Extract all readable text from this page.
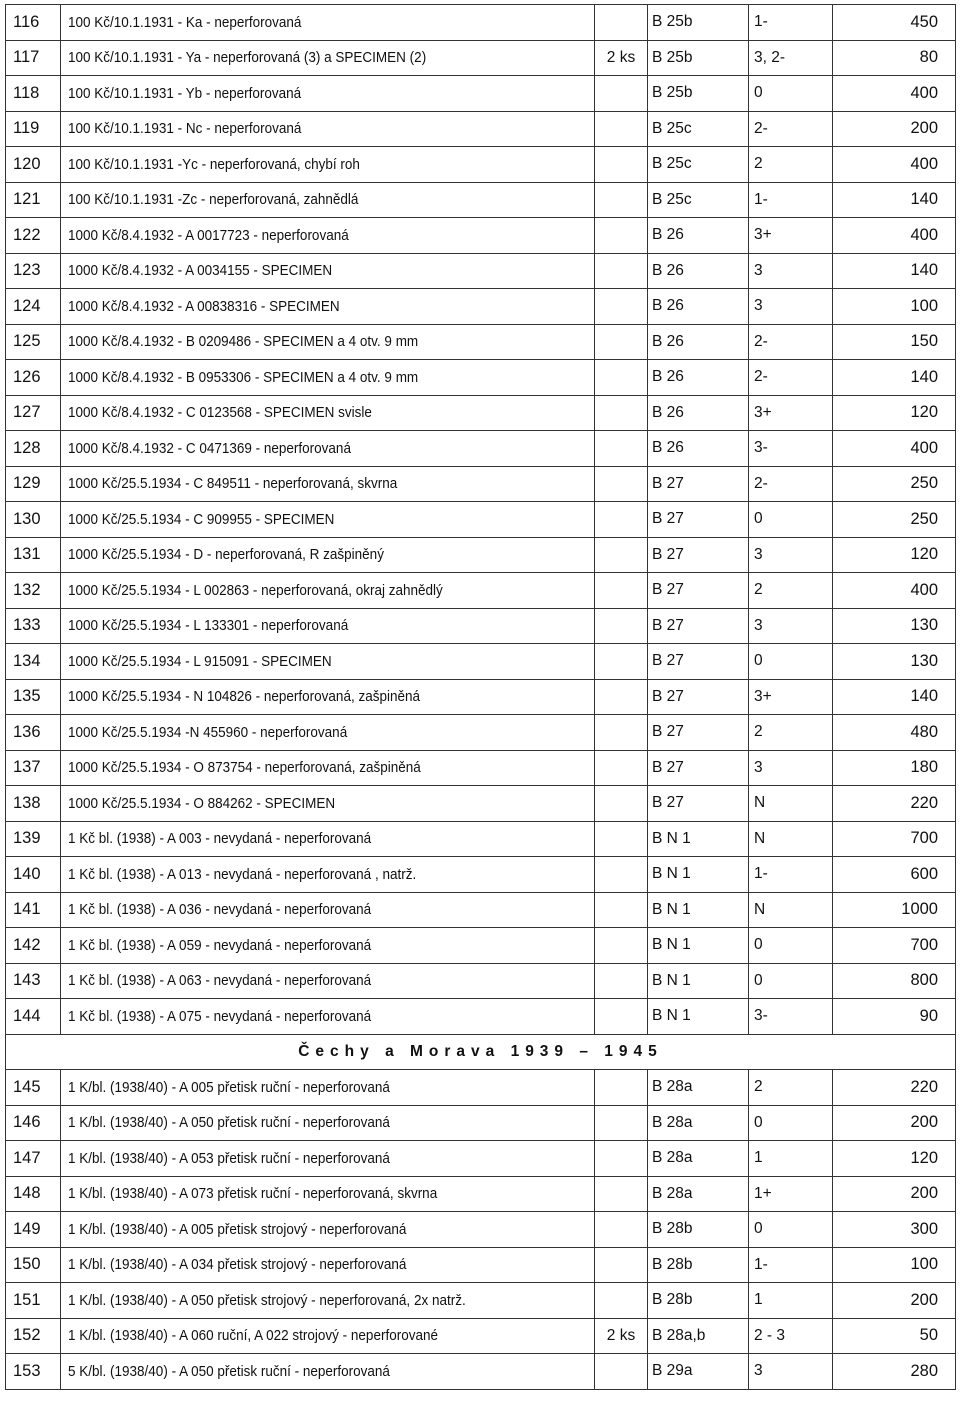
116	100 Kč/10.1.1931 - Ka - neperforovaná		B 25b	1-	450
117	100 Kč/10.1.1931 - Ya - neperforovaná (3) a SPECIMEN (2)	2 ks	B 25b	3, 2-	80
118	100 Kč/10.1.1931 - Yb - neperforovaná		B 25b	0	400
119	100 Kč/10.1.1931 - Nc - neperforovaná		B 25c	2-	200
120	100 Kč/10.1.1931 -Yc - neperforovaná, chybí roh		B 25c	2	400
121	100 Kč/10.1.1931 -Zc - neperforovaná, zahnědlá		B 25c	1-	140
122	1000 Kč/8.4.1932 - A 0017723 - neperforovaná		B 26	3+	400
123	1000 Kč/8.4.1932 - A 0034155 - SPECIMEN		B 26	3	140
124	1000 Kč/8.4.1932 - A 00838316 - SPECIMEN		B 26	3	100
125	1000 Kč/8.4.1932 - B 0209486 - SPECIMEN a 4 otv. 9 mm		B 26	2-	150
126	1000 Kč/8.4.1932 - B 0953306 - SPECIMEN a 4 otv. 9 mm		B 26	2-	140
127	1000 Kč/8.4.1932 - C 0123568 - SPECIMEN svisle		B 26	3+	120
128	1000 Kč/8.4.1932 - C 0471369 - neperforovaná		B 26	3-	400
129	1000 Kč/25.5.1934 - C 849511 - neperforovaná, skvrna		B 27	2-	250
130	1000 Kč/25.5.1934 - C 909955 - SPECIMEN		B 27	0	250
131	1000 Kč/25.5.1934 - D - neperforovaná, R zašpiněný		B 27	3	120
132	1000 Kč/25.5.1934 - L 002863 - neperforovaná, okraj zahnědlý		B 27	2	400
133	1000 Kč/25.5.1934 - L 133301 - neperforovaná		B 27	3	130
134	1000 Kč/25.5.1934 - L 915091 - SPECIMEN		B 27	0	130
135	1000 Kč/25.5.1934 - N 104826 - neperforovaná, zašpiněná		B 27	3+	140
136	1000 Kč/25.5.1934 -N 455960 - neperforovaná		B 27	2	480
137	1000 Kč/25.5.1934 - O 873754 - neperforovaná, zašpiněná		B 27	3	180
138	1000 Kč/25.5.1934 - O 884262 - SPECIMEN		B 27	N	220
139	1 Kč bl. (1938) - A 003 - nevydaná - neperforovaná		B N 1	N	700
140	1 Kč bl. (1938) - A 013 - nevydaná - neperforovaná , natrž.		B N 1	1-	600
141	1 Kč bl. (1938) - A 036 - nevydaná - neperforovaná		B N 1	N	1000
142	1 Kč bl. (1938) - A 059 - nevydaná - neperforovaná		B N 1	0	700
143	1 Kč bl. (1938) - A 063 - nevydaná - neperforovaná		B N 1	0	800
144	1 Kč bl. (1938) - A 075 - nevydaná - neperforovaná		B N 1	3-	90
Čechy a Morava 1939 – 1945					
145	1 K/bl. (1938/40) - A 005 přetisk ruční - neperforovaná		B 28a	2	220
146	1 K/bl. (1938/40) - A 050 přetisk ruční - neperforovaná		B 28a	0	200
147	1 K/bl. (1938/40) - A 053 přetisk ruční - neperforovaná		B 28a	1	120
148	1 K/bl. (1938/40) - A 073 přetisk ruční - neperforovaná, skvrna		B 28a	1+	200
149	1 K/bl. (1938/40) - A 005 přetisk strojový - neperforovaná		B 28b	0	300
150	1 K/bl. (1938/40) - A 034 přetisk strojový - neperforovaná		B 28b	1-	100
151	1 K/bl. (1938/40) - A 050 přetisk strojový - neperforovaná, 2x natrž.		B 28b	1	200
152	1 K/bl. (1938/40) - A 060 ruční, A 022 strojový - neperforované	2 ks	B 28a,b	2 - 3	50
153	5 K/bl. (1938/40) - A 050 přetisk ruční - neperforovaná		B 29a	3	280
